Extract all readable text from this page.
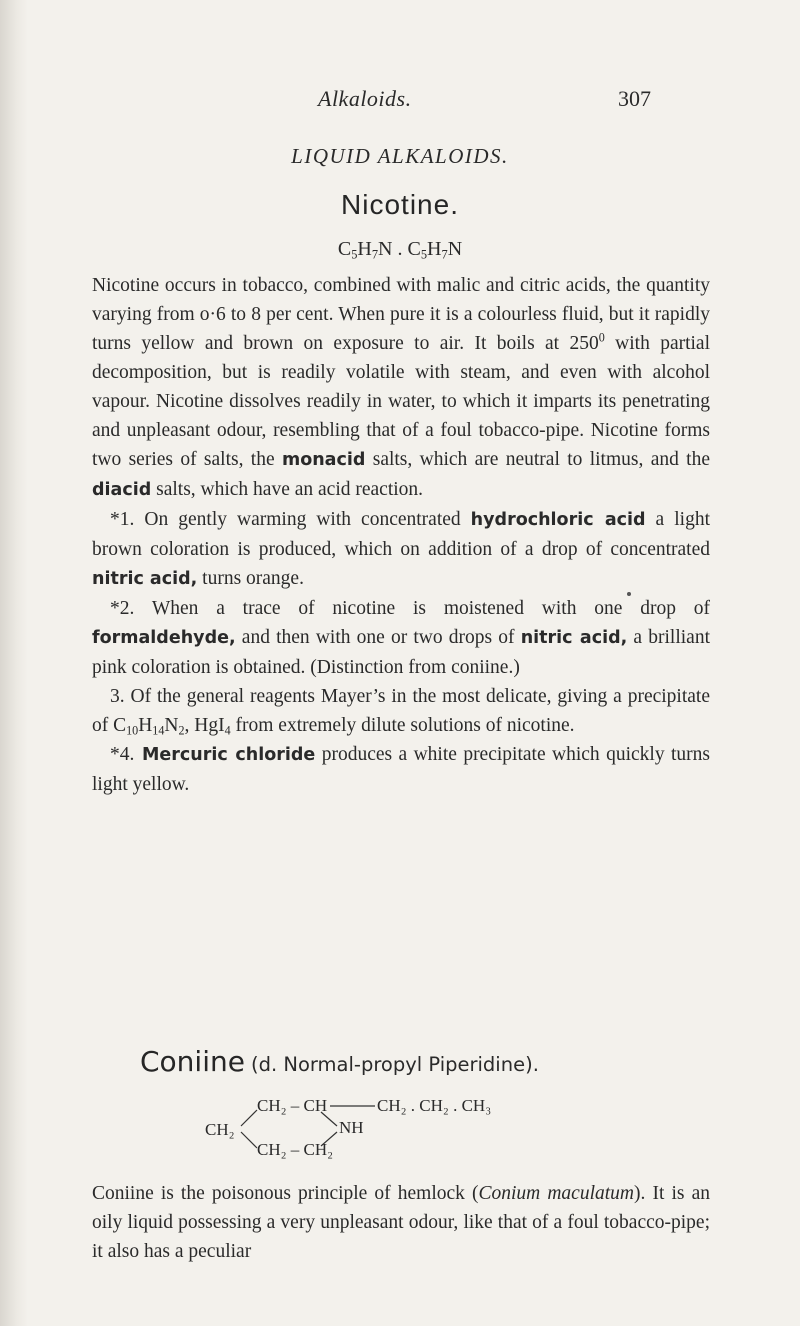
Alkaloids.	307
LIQUID ALKALOIDS.
Nicotine.
$C_5H_7N$ . $C_5H_7N$

Nicotine occurs in tobacco, combined with malic and citric acids, the quantity varying from o·6 to 8 per cent. When pure it is a colourless fluid, but it rapidly turns yellow and brown on exposure to air. It boils at $250^0$ with partial decomposition, but is readily volatile with steam, and even with alcohol vapour. Nicotine dissolves readily in water, to which it imparts its penetrating and unpleasant odour, resembling that of a foul tobacco-pipe. Nicotine forms two series of salts, the monacid salts, which are neutral to litmus, and the diacid salts, which have an acid reaction.

*1. On gently warming with concentrated hydrochloric acid a light brown coloration is produced, which on addition of a drop of concentrated nitric acid, turns orange.

*2. When a trace of nicotine is moistened with one drop of formaldehyde, and then with one or two drops of nitric acid, a brilliant pink coloration is obtained. (Distinction from coniine.)

3. Of the general reagents Mayer’s in the most delicate, giving a precipitate of $C_{10}H_{14}N_2$, HgI$_4$ from extremely dilute solutions of nicotine.

*4. Mercuric chloride produces a white precipitate which quickly turns light yellow.

Coniine (d. Normal-propyl Piperidine).
CH₂
CH₂ – CH	CH₂ . CH₂ . CH₃
NH
CH₂ – CH₂

Coniine is the poisonous principle of hemlock (Conium maculatum). It is an oily liquid possessing a very unpleasant odour, like that of a foul tobacco-pipe; it also has a peculiar
